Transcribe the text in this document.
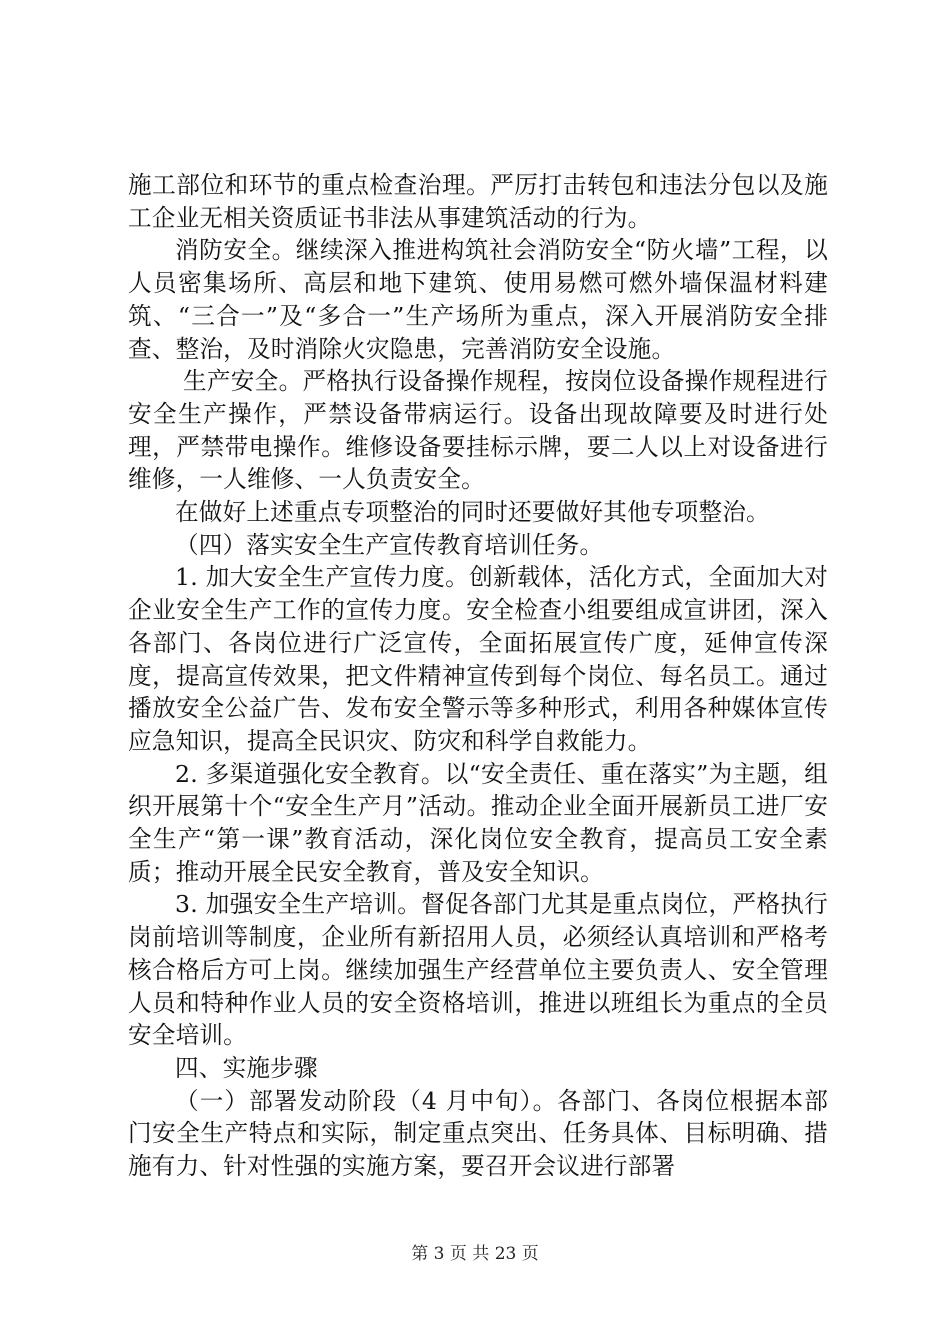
施工部位和环节的重点检查治理。严厉打击转包和违法分包以及施工企业无相关资质证书非法从事建筑活动的行为。

消防安全。继续深入推进构筑社会消防安全“防火墙”工程，以人员密集场所、高层和地下建筑、使用易燃可燃外墙保温材料建筑、“三合一”及“多合一”生产场所为重点，深入开展消防安全排查、整治，及时消除火灾隐患，完善消防安全设施。

生产安全。严格执行设备操作规程，按岗位设备操作规程进行安全生产操作，严禁设备带病运行。设备出现故障要及时进行处理，严禁带电操作。维修设备要挂标示牌，要二人以上对设备进行维修，一人维修、一人负责安全。

在做好上述重点专项整治的同时还要做好其他专项整治。

（四）落实安全生产宣传教育培训任务。

1. 加大安全生产宣传力度。创新载体，活化方式，全面加大对企业安全生产工作的宣传力度。安全检查小组要组成宣讲团，深入各部门、各岗位进行广泛宣传，全面拓展宣传广度，延伸宣传深度，提高宣传效果，把文件精神宣传到每个岗位、每名员工。通过播放安全公益广告、发布安全警示等多种形式，利用各种媒体宣传应急知识，提高全民识灾、防灾和科学自救能力。

2. 多渠道强化安全教育。以“安全责任、重在落实”为主题，组织开展第十个“安全生产月”活动。推动企业全面开展新员工进厂安全生产“第一课”教育活动，深化岗位安全教育，提高员工安全素质；推动开展全民安全教育，普及安全知识。

3. 加强安全生产培训。督促各部门尤其是重点岗位，严格执行岗前培训等制度，企业所有新招用人员，必须经认真培训和严格考核合格后方可上岗。继续加强生产经营单位主要负责人、安全管理人员和特种作业人员的安全资格培训，推进以班组长为重点的全员安全培训。

四、实施步骤

（一）部署发动阶段（4 月中旬）。各部门、各岗位根据本部门安全生产特点和实际，制定重点突出、任务具体、目标明确、措施有力、针对性强的实施方案，要召开会议进行部署

第 3 页 共 23 页
